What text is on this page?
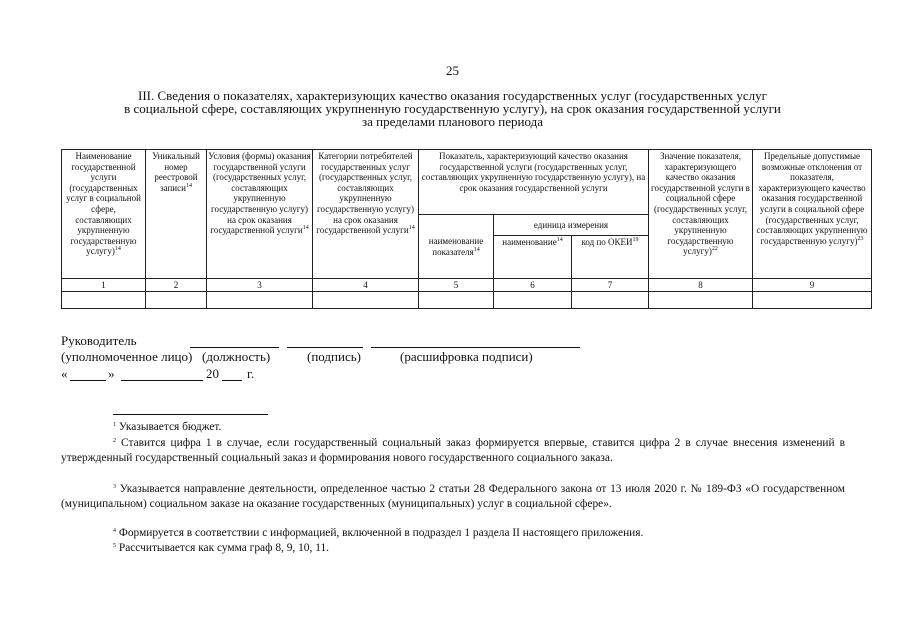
25
III. Сведения о показателях, характеризующих качество оказания государственных услуг (государственных услуг
в социальной сфере, составляющих укрупненную государственную услугу), на срок оказания государственной услуги
за пределами планового периода
Наименование государственной услуги (государственных услуг в социальной сфере, составляющих укрупненную государственную услугу)$^{14}$	Уникальный номер реестровой записи$^{14}$	Условия (формы) оказания государственной услуги (государственных услуг, составляющих укрупненную государственную услугу) на срок оказания государственной услуги$^{14}$	Категории потребителей государственных услуг (государственных услуг, составляющих укрупненную государственную услугу) на срок оказания государственной услуги$^{14}$	Показатель, характеризующий качество оказания государственной услуги (государственных услуг, составляющих укрупненную государственную услугу), на срок оказания государственной услуги			Значение показателя, характеризующего качество оказания государственной услуги в социальной сфере (государственных услуг, составляющих укрупненную государственную услугу)$^{22}$	Предельные допустимые возможные отклонения от показателя, характеризующего качество оказания государственной услуги в социальной сфере (государственных услуг, составляющих укрупненную государственную услугу)$^{23}$
				наименование показателя$^{14}$	единица измерения			
					наименование$^{14}$	код по ОКЕИ$^{19}$
1	2	3	4	5	6	7	8	9

Руководитель
(уполномоченное лицо) (должность)	(подпись)	(расшифровка подписи)
«	»	20 г.
$^1$ Указывается бюджет.
$^2$ Ставится цифра 1 в случае, если государственный социальный заказ формируется впервые, ставится цифра 2 в случае внесения изменений в утвержденный государственный социальный заказ и формирования нового государственного социального заказа.
$^3$ Указывается направление деятельности, определенное частью 2 статьи 28 Федерального закона от 13 июля 2020 г. № 189-ФЗ «О государственном (муниципальном) социальном заказе на оказание государственных (муниципальных) услуг в социальной сфере».
$^4$ Формируется в соответствии с информацией, включенной в подраздел 1 раздела II настоящего приложения.
$^5$ Рассчитывается как сумма граф 8, 9, 10, 11.
